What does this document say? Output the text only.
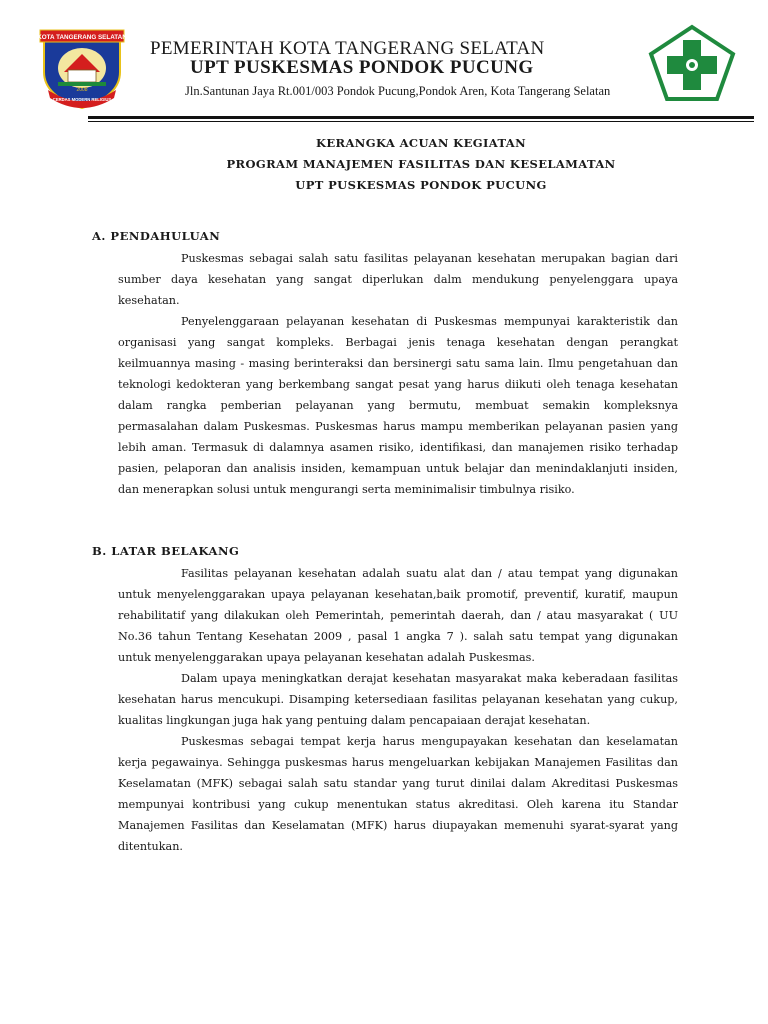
KOTA TANGERANG SELATAN
2008
CERDAS MODERN RELIGIUS
PEMERINTAH KOTA TANGERANG SELATAN
UPT PUSKESMAS PONDOK PUCUNG
Jln.Santunan Jaya Rt.001/003 Pondok Pucung,Pondok Aren, Kota Tangerang Selatan
KERANGKA ACUAN KEGIATAN
PROGRAM MANAJEMEN FASILITAS DAN KESELAMATAN
UPT PUSKESMAS PONDOK PUCUNG
A. PENDAHULUAN

Puskesmas sebagai salah satu fasilitas pelayanan kesehatan merupakan bagian dari sumber daya kesehatan yang sangat diperlukan dalm mendukung penyelenggara upaya kesehatan.

Penyelenggaraan pelayanan kesehatan di Puskesmas mempunyai karakteristik dan organisasi yang sangat kompleks. Berbagai jenis tenaga kesehatan dengan perangkat keilmuannya masing - masing berinteraksi dan bersinergi satu sama lain. Ilmu pengetahuan dan teknologi kedokteran yang berkembang sangat pesat yang harus diikuti oleh tenaga kesehatan dalam rangka pemberian pelayanan yang bermutu, membuat semakin kompleksnya permasalahan dalam Puskesmas. Puskesmas harus mampu memberikan pelayanan pasien yang lebih aman. Termasuk di dalamnya asamen risiko, identifikasi, dan manajemen risiko terhadap pasien, pelaporan dan analisis insiden, kemampuan untuk belajar dan menindaklanjuti insiden, dan menerapkan solusi untuk mengurangi serta meminimalisir timbulnya risiko.

B. LATAR BELAKANG

Fasilitas pelayanan kesehatan adalah suatu alat dan / atau tempat yang digunakan untuk menyelenggarakan upaya pelayanan kesehatan,baik promotif, preventif, kuratif, maupun rehabilitatif yang dilakukan oleh Pemerintah, pemerintah daerah, dan / atau masyarakat ( UU No.36 tahun Tentang Kesehatan 2009 , pasal 1 angka 7 ). salah satu tempat yang digunakan untuk menyelenggarakan upaya pelayanan kesehatan adalah Puskesmas.

Dalam upaya meningkatkan derajat kesehatan masyarakat maka keberadaan fasilitas kesehatan harus mencukupi. Disamping ketersediaan fasilitas pelayanan kesehatan yang cukup, kualitas lingkungan juga hak yang pentuing dalam pencapaiaan derajat kesehatan.

Puskesmas sebagai tempat kerja harus mengupayakan kesehatan dan keselamatan kerja pegawainya. Sehingga puskesmas harus mengeluarkan kebijakan Manajemen Fasilitas dan Keselamatan (MFK) sebagai salah satu standar yang turut dinilai dalam Akreditasi Puskesmas mempunyai kontribusi yang cukup menentukan status akreditasi. Oleh karena itu Standar Manajemen Fasilitas dan Keselamatan (MFK) harus diupayakan memenuhi syarat-syarat yang ditentukan.
